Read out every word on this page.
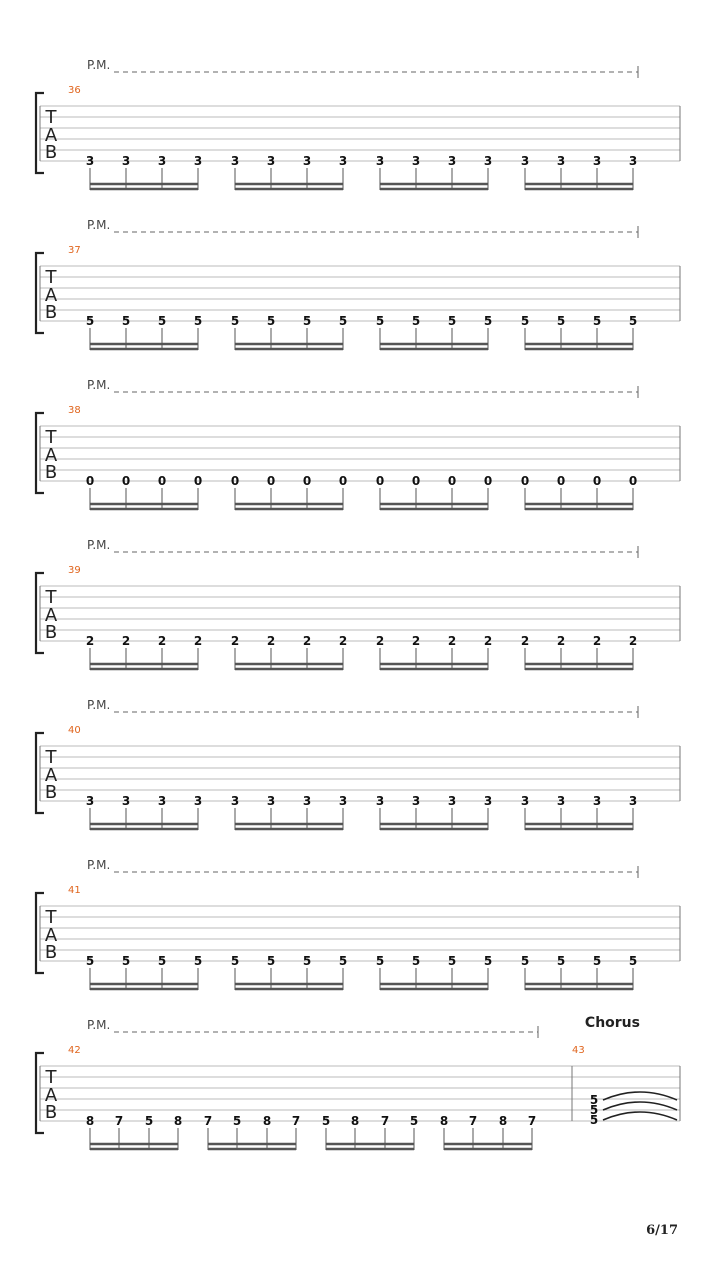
P.M.
36
T
A
B 3 3 3 3 3 3 3 3 3 3 3 3 3 3 3 3
P.M.
37
T
A
B 5 5 5 5 5 5 5 5 5 5 5 5 5 5 5 5
P.M.
38
T
A
B 0 0 0 0 0 0 0 0 0 0 0 0 0 0 0 0
P.M.
39
T
A
B 2 2 2 2 2 2 2 2 2 2 2 2 2 2 2 2
P.M.
40
T
A
B 3 3 3 3 3 3 3 3 3 3 3 3 3 3 3 3
P.M.
41
T
A
B 5 5 5 5 5 5 5 5 5 5 5 5 5 5 5 5
P.M.
42
Chorus
43
T
A
B 8 7 5 8 7 5 8 7 5 8 7 5 8 7 8 7
5
5
5
6/17
